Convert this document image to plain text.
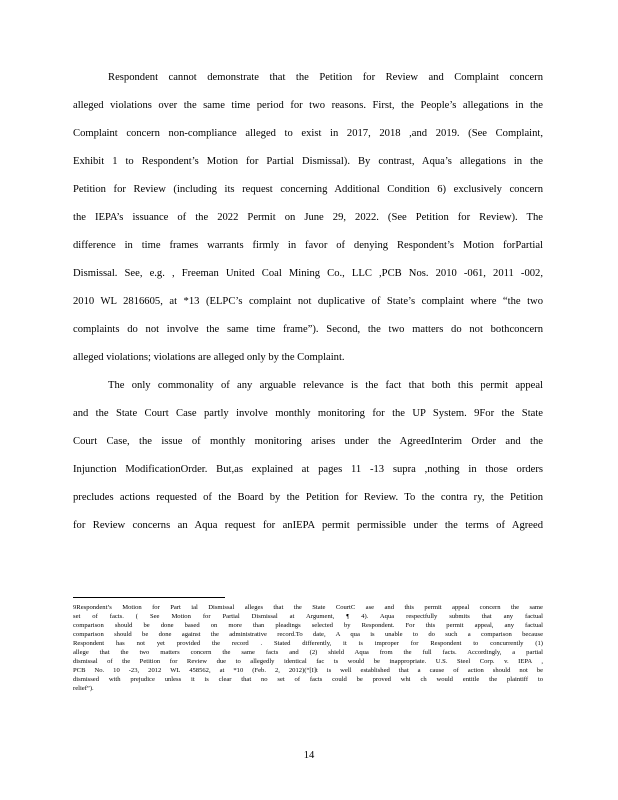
Respondent cannot demonstrate that the Petition for Review and Complaint concern
alleged violations over the same time period for two reasons. First, the People’s allegations in the
Complaint concern non-compliance alleged to exist in 2017, 2018 ,and 2019. (See Complaint,
Exhibit 1 to Respondent’s Motion for Partial Dismissal). By contrast, Aqua’s allegations in the
Petition for Review (including its request concerning Additional Condition 6) exclusively concern
the IEPA’s issuance of the 2022 Permit on June 29, 2022. (See Petition for Review). The
difference in time frames warrants firmly in favor of denying Respondent’s Motion forPartial
Dismissal. See, e.g. , Freeman United Coal Mining Co., LLC ,PCB Nos. 2010 -061, 2011 -002,
2010 WL 2816605, at *13 (ELPC’s complaint not duplicative of State’s complaint where “the two
complaints do not involve the same time frame”). Second, the two matters do not bothconcern
alleged violations; violations are alleged only by the Complaint.
The only commonality of any arguable relevance is the fact that both this permit appeal
and the State Court Case partly involve monthly monitoring for the UP System. 9For the State
Court Case, the issue of monthly monitoring arises under the AgreedInterim Order and the
Injunction ModificationOrder. But,as explained at pages 11 -13 supra ,nothing in those orders
precludes actions requested of the Board by the Petition for Review. To the contra ry, the Petition
for Review concerns an Aqua request for anIEPA permit permissible under the terms of Agreed
9Respondent’s Motion for Part ial Dismissal alleges that the State CourtC ase and this permit appeal concern the same
set of facts. ( See Motion for Partial Dismissal at Argument, ¶ 4). Aqua respectfully submits that any factual
comparison should be done based on more than pleadings selected by Respondent. For this permit appeal, any factual
comparison should be done against the administrative record.To date, A qua is unable to do such a comparison because
Respondent has not yet provided the record . Stated differently, it is improper for Respondent to concurrently (1)
allege that the two matters concern the same facts and (2) shield Aqua from the full facts. Accordingly, a partial
dismissal of the Petition for Review due to allegedly identical fac ts would be inappropriate. U.S. Steel Corp. v. IEPA ,
PCB No. 10 -23, 2012 WL 458562, at *10 (Feb. 2, 2012)(“[I]t is well established that a cause of action should not be
dismissed with prejudice unless it is clear that no set of facts could be proved whi ch would entitle the plaintiff to
relief”).
14
